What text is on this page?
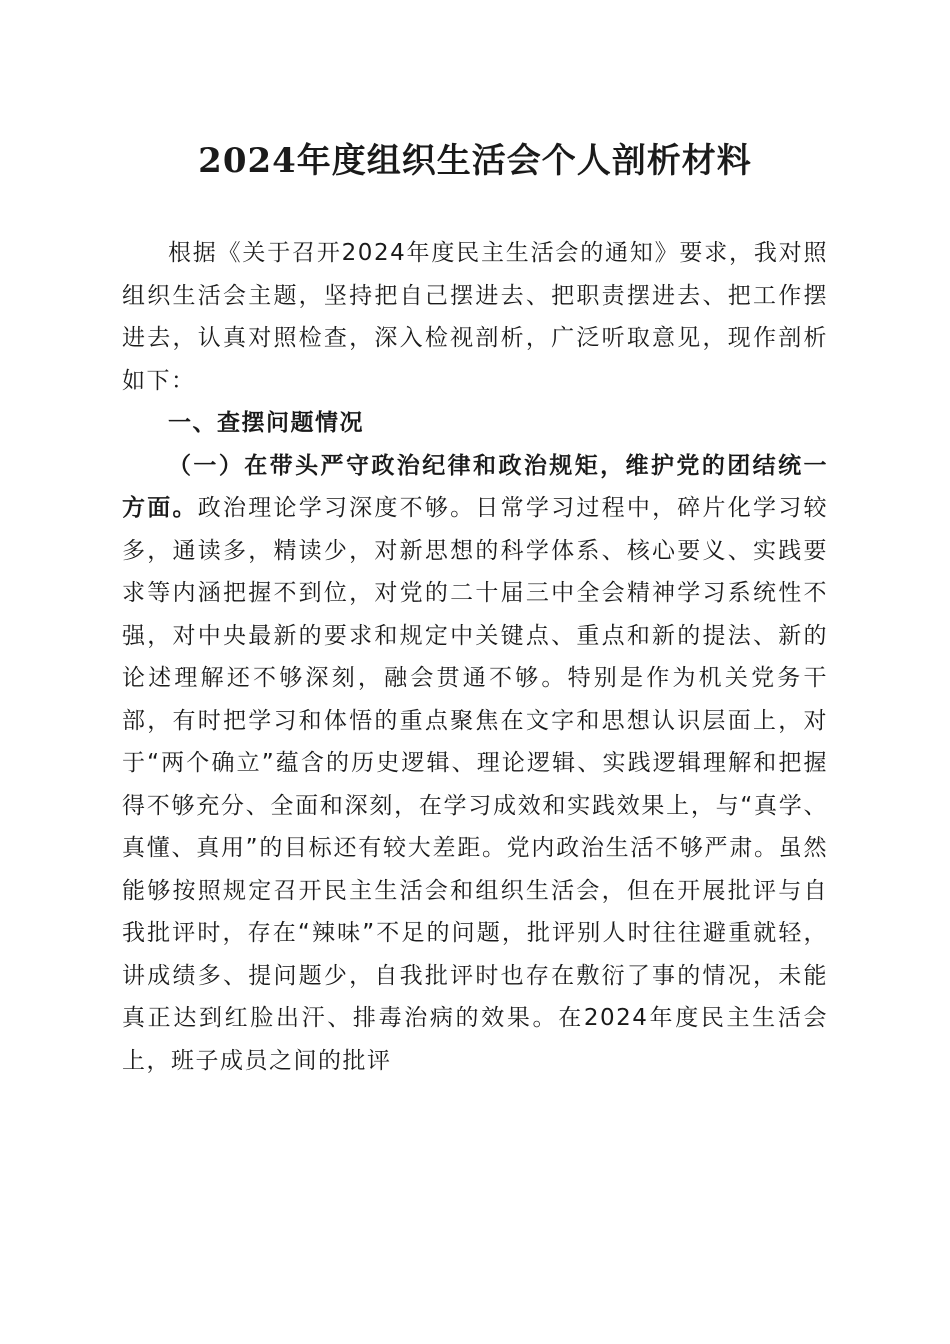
2024年度组织生活会个人剖析材料

根据《关于召开2024年度民主生活会的通知》要求，我对照组织生活会主题，坚持把自己摆进去、把职责摆进去、把工作摆进去，认真对照检查，深入检视剖析，广泛听取意见，现作剖析如下：

一、查摆问题情况

（一）在带头严守政治纪律和政治规矩，维护党的团结统一方面。政治理论学习深度不够。日常学习过程中，碎片化学习较多，通读多，精读少，对新思想的科学体系、核心要义、实践要求等内涵把握不到位，对党的二十届三中全会精神学习系统性不强，对中央最新的要求和规定中关键点、重点和新的提法、新的论述理解还不够深刻，融会贯通不够。特别是作为机关党务干部，有时把学习和体悟的重点聚焦在文字和思想认识层面上，对于“两个确立”蕴含的历史逻辑、理论逻辑、实践逻辑理解和把握得不够充分、全面和深刻，在学习成效和实践效果上，与“真学、真懂、真用”的目标还有较大差距。党内政治生活不够严肃。虽然能够按照规定召开民主生活会和组织生活会，但在开展批评与自我批评时，存在“辣味”不足的问题，批评别人时往往避重就轻，讲成绩多、提问题少，自我批评时也存在敷衍了事的情况，未能真正达到红脸出汗、排毒治病的效果。在2024年度民主生活会上，班子成员之间的批评
